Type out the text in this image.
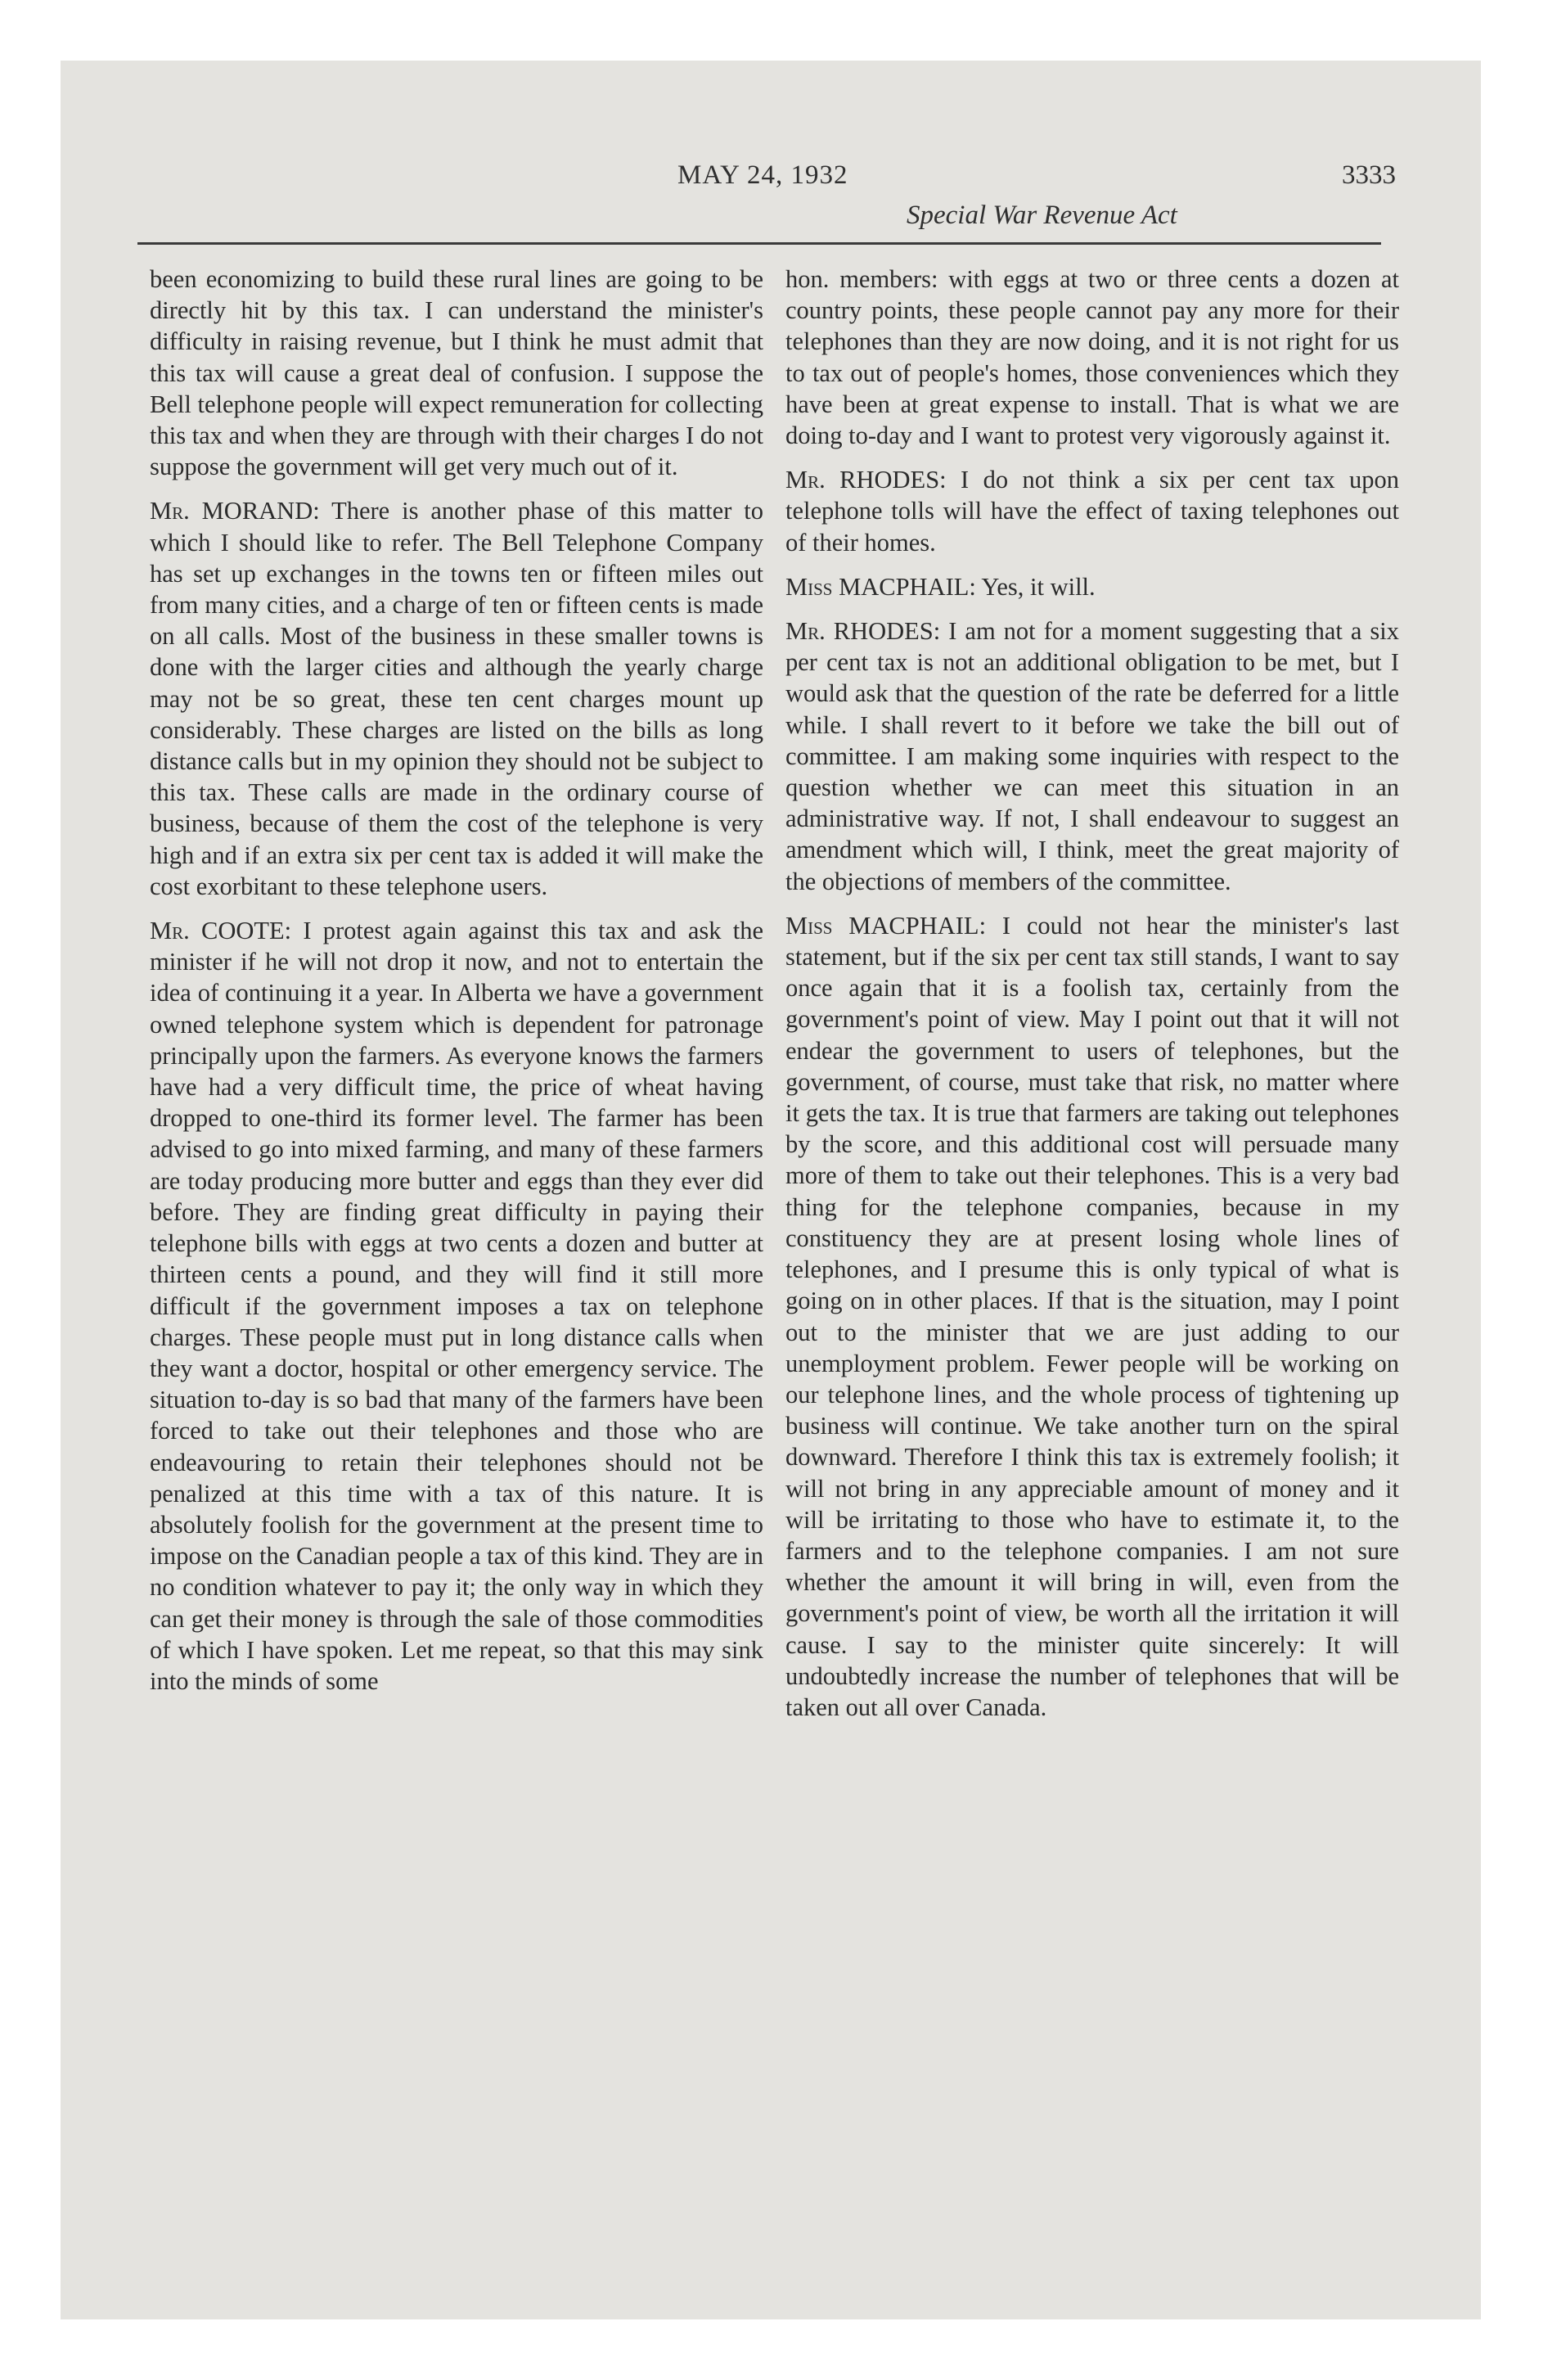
MAY 24, 1932
Special War Revenue Act
3333

been economizing to build these rural lines are going to be directly hit by this tax. I can understand the minister's difficulty in raising revenue, but I think he must admit that this tax will cause a great deal of confusion. I suppose the Bell telephone people will expect remuneration for collecting this tax and when they are through with their charges I do not suppose the government will get very much out of it.

Mr. MORAND: There is another phase of this matter to which I should like to refer. The Bell Telephone Company has set up exchanges in the towns ten or fifteen miles out from many cities, and a charge of ten or fifteen cents is made on all calls. Most of the business in these smaller towns is done with the larger cities and although the yearly charge may not be so great, these ten cent charges mount up considerably. These charges are listed on the bills as long distance calls but in my opinion they should not be subject to this tax. These calls are made in the ordinary course of business, because of them the cost of the telephone is very high and if an extra six per cent tax is added it will make the cost exorbitant to these telephone users.

Mr. COOTE: I protest again against this tax and ask the minister if he will not drop it now, and not to entertain the idea of continuing it a year. In Alberta we have a government owned telephone system which is dependent for patronage principally upon the farmers. As everyone knows the farmers have had a very difficult time, the price of wheat having dropped to one-third its former level. The farmer has been advised to go into mixed farming, and many of these farmers are today producing more butter and eggs than they ever did before. They are finding great difficulty in paying their telephone bills with eggs at two cents a dozen and butter at thirteen cents a pound, and they will find it still more difficult if the government imposes a tax on telephone charges. These people must put in long distance calls when they want a doctor, hospital or other emergency service. The situation to-day is so bad that many of the farmers have been forced to take out their telephones and those who are endeavouring to retain their telephones should not be penalized at this time with a tax of this nature. It is absolutely foolish for the government at the present time to impose on the Canadian people a tax of this kind. They are in no condition whatever to pay it; the only way in which they can get their money is through the sale of those commodities of which I have spoken. Let me repeat, so that this may sink into the minds of some

hon. members: with eggs at two or three cents a dozen at country points, these people cannot pay any more for their telephones than they are now doing, and it is not right for us to tax out of people's homes, those conveniences which they have been at great expense to install. That is what we are doing to-day and I want to protest very vigorously against it.

Mr. RHODES: I do not think a six per cent tax upon telephone tolls will have the effect of taxing telephones out of their homes.

Miss MACPHAIL: Yes, it will.

Mr. RHODES: I am not for a moment suggesting that a six per cent tax is not an additional obligation to be met, but I would ask that the question of the rate be deferred for a little while. I shall revert to it before we take the bill out of committee. I am making some inquiries with respect to the question whether we can meet this situation in an administrative way. If not, I shall endeavour to suggest an amendment which will, I think, meet the great majority of the objections of members of the committee.

Miss MACPHAIL: I could not hear the minister's last statement, but if the six per cent tax still stands, I want to say once again that it is a foolish tax, certainly from the government's point of view. May I point out that it will not endear the government to users of telephones, but the government, of course, must take that risk, no matter where it gets the tax. It is true that farmers are taking out telephones by the score, and this additional cost will persuade many more of them to take out their telephones. This is a very bad thing for the telephone companies, because in my constituency they are at present losing whole lines of telephones, and I presume this is only typical of what is going on in other places. If that is the situation, may I point out to the minister that we are just adding to our unemployment problem. Fewer people will be working on our telephone lines, and the whole process of tightening up business will continue. We take another turn on the spiral downward. Therefore I think this tax is extremely foolish; it will not bring in any appreciable amount of money and it will be irritating to those who have to estimate it, to the farmers and to the telephone companies. I am not sure whether the amount it will bring in will, even from the government's point of view, be worth all the irritation it will cause. I say to the minister quite sincerely: It will undoubtedly increase the number of telephones that will be taken out all over Canada.
